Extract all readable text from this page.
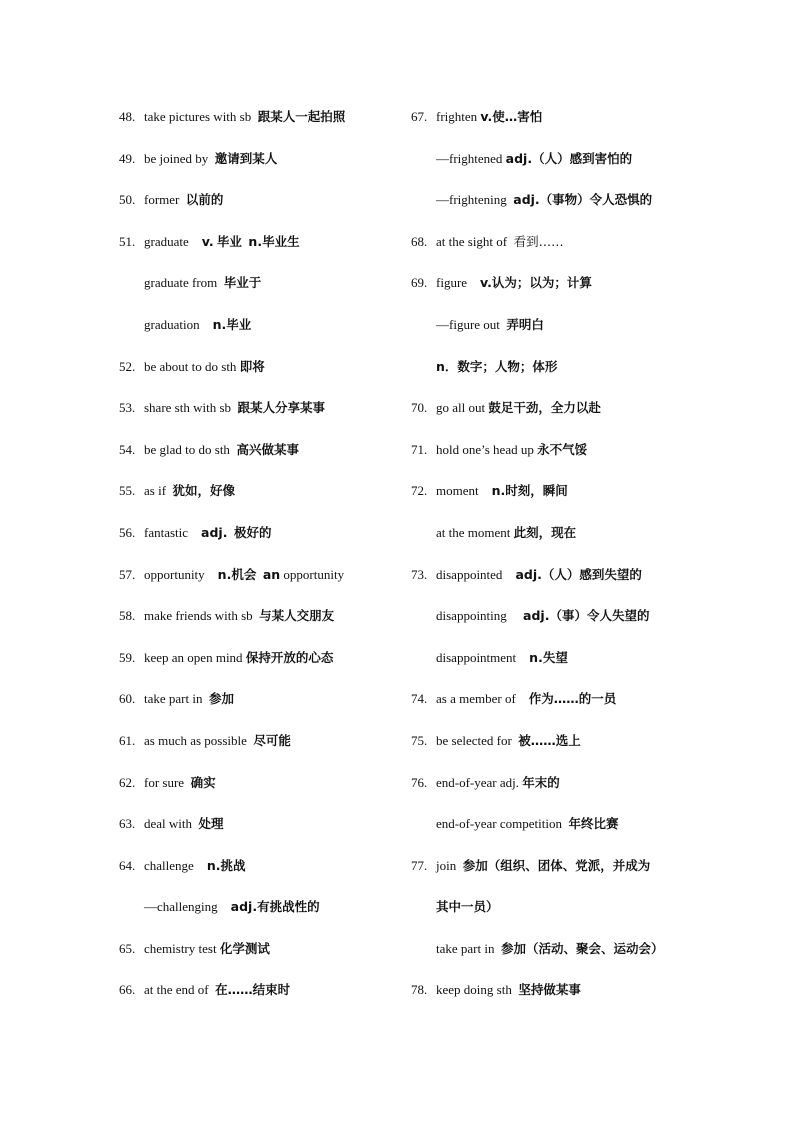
48. take pictures with sb 跟某人一起拍照
49. be joined by 邀请到某人
50. former 以前的
51. graduate v. 毕业 n.毕业生
graduate from 毕业于
graduation n.毕业
52. be about to do sth 即将
53. share sth with sb 跟某人分享某事
54. be glad to do sth 高兴做某事
55. as if 犹如，好像
56. fantastic adj. 极好的
57. opportunity n.机会 an opportunity
58. make friends with sb 与某人交朋友
59. keep an open mind 保持开放的心态
60. take part in 参加
61. as much as possible 尽可能
62. for sure 确实
63. deal with 处理
64. challenge n.挑战
—challenging adj.有挑战性的
65. chemistry test 化学测试
66. at the end of 在……结束时
67. frighten v.使…害怕
—frightened adj.（人）感到害怕的
—frightening adj.（事物）令人恐惧的
68. at the sight of 看到……
69. figure v.认为；以为；计算
—figure out 弄明白
n．数字；人物；体形
70. go all out 鼓足干劲，全力以赴
71. hold one’s head up 永不气馁
72. moment n.时刻，瞬间
at the moment 此刻，现在
73. disappointed adj.（人）感到失望的
disappointing adj.（事）令人失望的
disappointment n.失望
74. as a member of 作为……的一员
75. be selected for 被……选上
76. end-of-year adj. 年末的
end-of-year competition 年终比赛
77. join 参加（组织、团体、党派，并成为
其中一员）
take part in 参加（活动、聚会、运动会）
78. keep doing sth 坚持做某事
